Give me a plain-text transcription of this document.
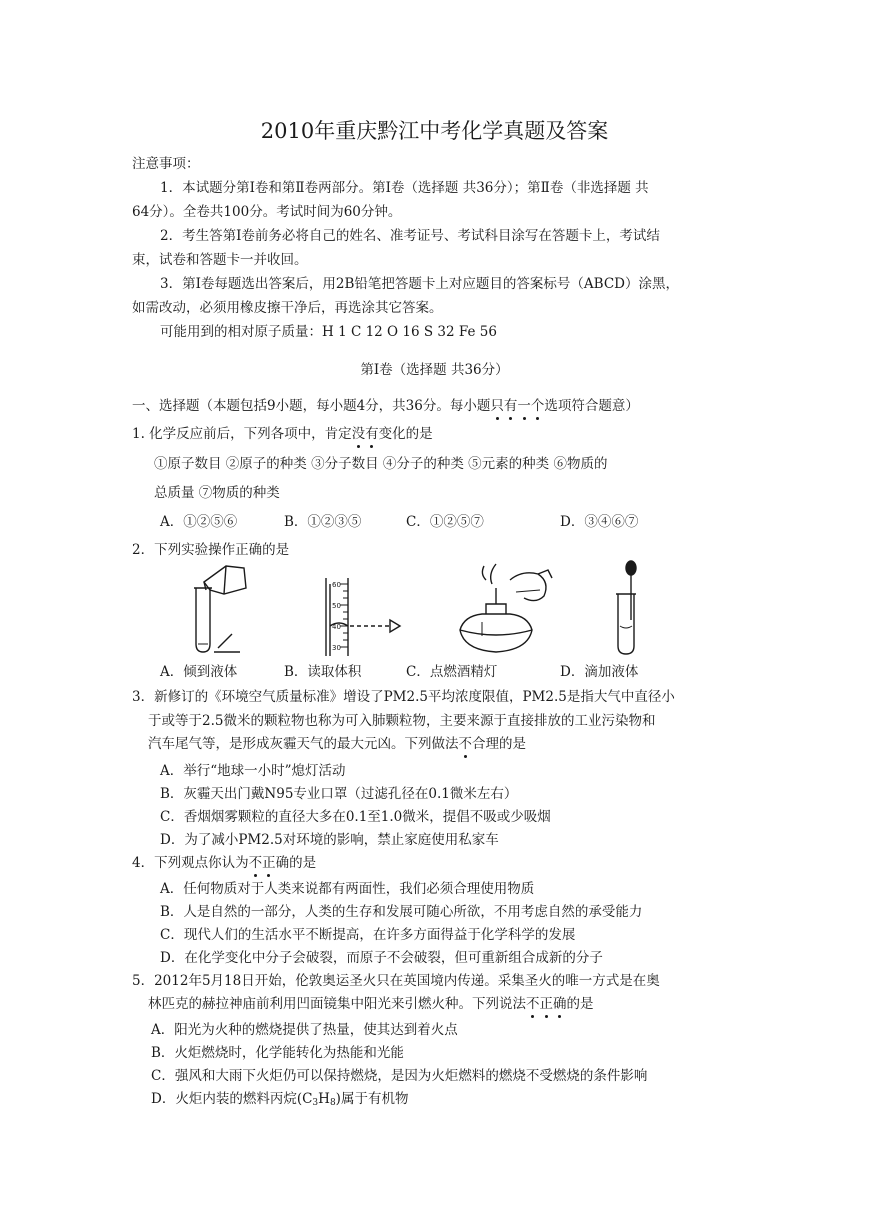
2010年重庆黔江中考化学真题及答案
注意事项：
1．本试题分第Ⅰ卷和第Ⅱ卷两部分。第Ⅰ卷（选择题 共36分）；第Ⅱ卷（非选择题 共
64分）。全卷共100分。考试时间为60分钟。
2．考生答第Ⅰ卷前务必将自己的姓名、准考证号、考试科目涂写在答题卡上，考试结
束，试卷和答题卡一并收回。
3．第Ⅰ卷每题选出答案后，用2B铅笔把答题卡上对应题目的答案标号（ABCD）涂黑，
如需改动，必须用橡皮擦干净后，再选涂其它答案。
可能用到的相对原子质量：H 1 C 12 O 16 S 32 Fe 56
第Ⅰ卷（选择题 共36分）
一、选择题（本题包括9小题，每小题4分，共36分。每小题只有一个选项符合题意）
1. 化学反应前后，下列各项中，肯定没有变化的是
①原子数目 ②原子的种类 ③分子数目 ④分子的种类 ⑤元素的种类 ⑥物质的
总质量 ⑦物质的种类
A．①②⑤⑥	B．①②③⑤	C．①②⑤⑦	D．③④⑥⑦
2．下列实验操作正确的是
60
50
40
30
A．倾到液体	B．读取体积	C．点燃酒精灯	D．滴加液体
3．新修订的《环境空气质量标准》增设了PM2.5平均浓度限值，PM2.5是指大气中直径小
于或等于2.5微米的颗粒物也称为可入肺颗粒物，主要来源于直接排放的工业污染物和
汽车尾气等，是形成灰霾天气的最大元凶。下列做法不合理的是
A．举行“地球一小时”熄灯活动
B．灰霾天出门戴N95专业口罩（过滤孔径在0.1微米左右）
C．香烟烟雾颗粒的直径大多在0.1至1.0微米，提倡不吸或少吸烟
D．为了减小PM2.5对环境的影响，禁止家庭使用私家车
4．下列观点你认为不正确的是
A．任何物质对于人类来说都有两面性，我们必须合理使用物质
B．人是自然的一部分，人类的生存和发展可随心所欲，不用考虑自然的承受能力
C．现代人们的生活水平不断提高，在许多方面得益于化学科学的发展
D．在化学变化中分子会破裂，而原子不会破裂，但可重新组合成新的分子
5．2012年5月18日开始，伦敦奥运圣火只在英国境内传递。采集圣火的唯一方式是在奥
林匹克的赫拉神庙前利用凹面镜集中阳光来引燃火种。下列说法不正确的是
A．阳光为火种的燃烧提供了热量，使其达到着火点
B．火炬燃烧时，化学能转化为热能和光能
C．强风和大雨下火炬仍可以保持燃烧，是因为火炬燃料的燃烧不受燃烧的条件影响
D．火炬内装的燃料丙烷$(C_3H_8)$属于有机物
